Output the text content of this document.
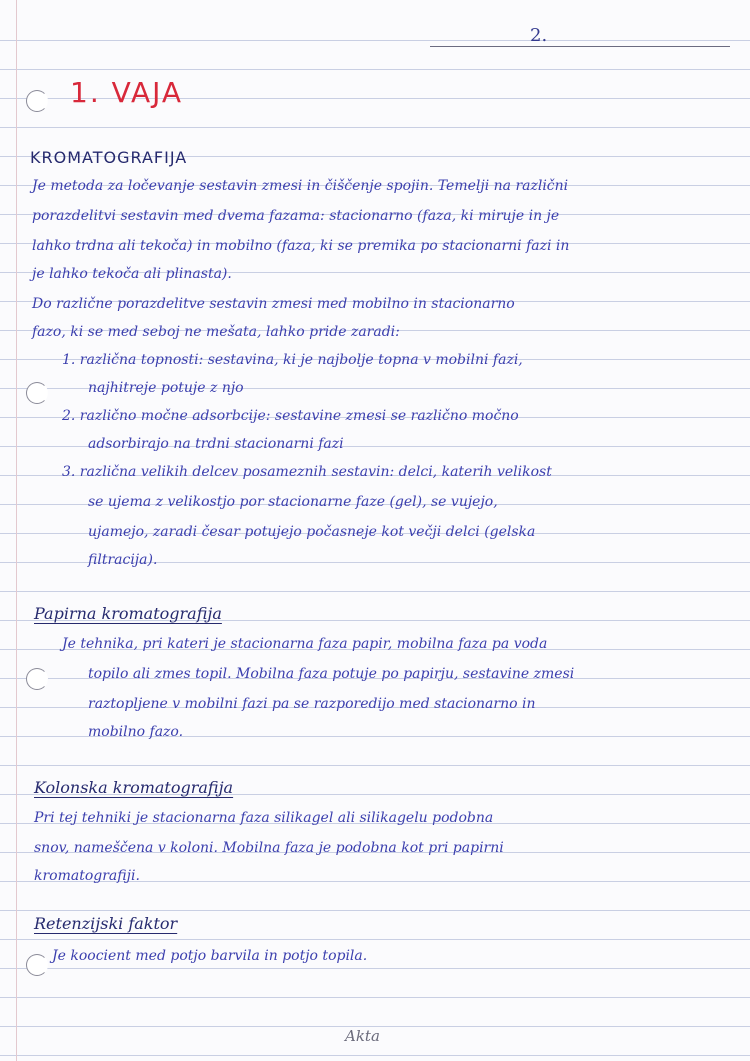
2.
1. VAJA
KROMATOGRAFIJA
Je metoda za ločevanje sestavin zmesi in čiščenje spojin. Temelji na različni
porazdelitvi sestavin med dvema fazama: stacionarno (faza, ki miruje in je
lahko trdna ali tekoča) in mobilno (faza, ki se premika po stacionarni fazi in
je lahko tekoča ali plinasta).
Do različne porazdelitve sestavin zmesi med mobilno in stacionarno
fazo, ki se med seboj ne mešata, lahko pride zaradi:
1. različna topnosti: sestavina, ki je najbolje topna v mobilni fazi,
najhitreje potuje z njo
2. različno močne adsorbcije: sestavine zmesi se različno močno
adsorbirajo na trdni stacionarni fazi
3. različna velikih delcev posameznih sestavin: delci, katerih velikost
se ujema z velikostjo por stacionarne faze (gel), se vujejo,
ujamejo, zaradi česar potujejo počasneje kot večji delci (gelska
filtracija).
Papirna kromatografija
Je tehnika, pri kateri je stacionarna faza papir, mobilna faza pa voda
topilo ali zmes topil. Mobilna faza potuje po papirju, sestavine zmesi
raztopljene v mobilni fazi pa se razporedijo med stacionarno in
mobilno fazo.
Kolonska kromatografija
Pri tej tehniki je stacionarna faza silikagel ali silikagelu podobna
snov, nameščena v koloni. Mobilna faza je podobna kot pri papirni
kromatografiji.
Retenzijski faktor
Je koocient med potjo barvila in potjo topila.
Akta
